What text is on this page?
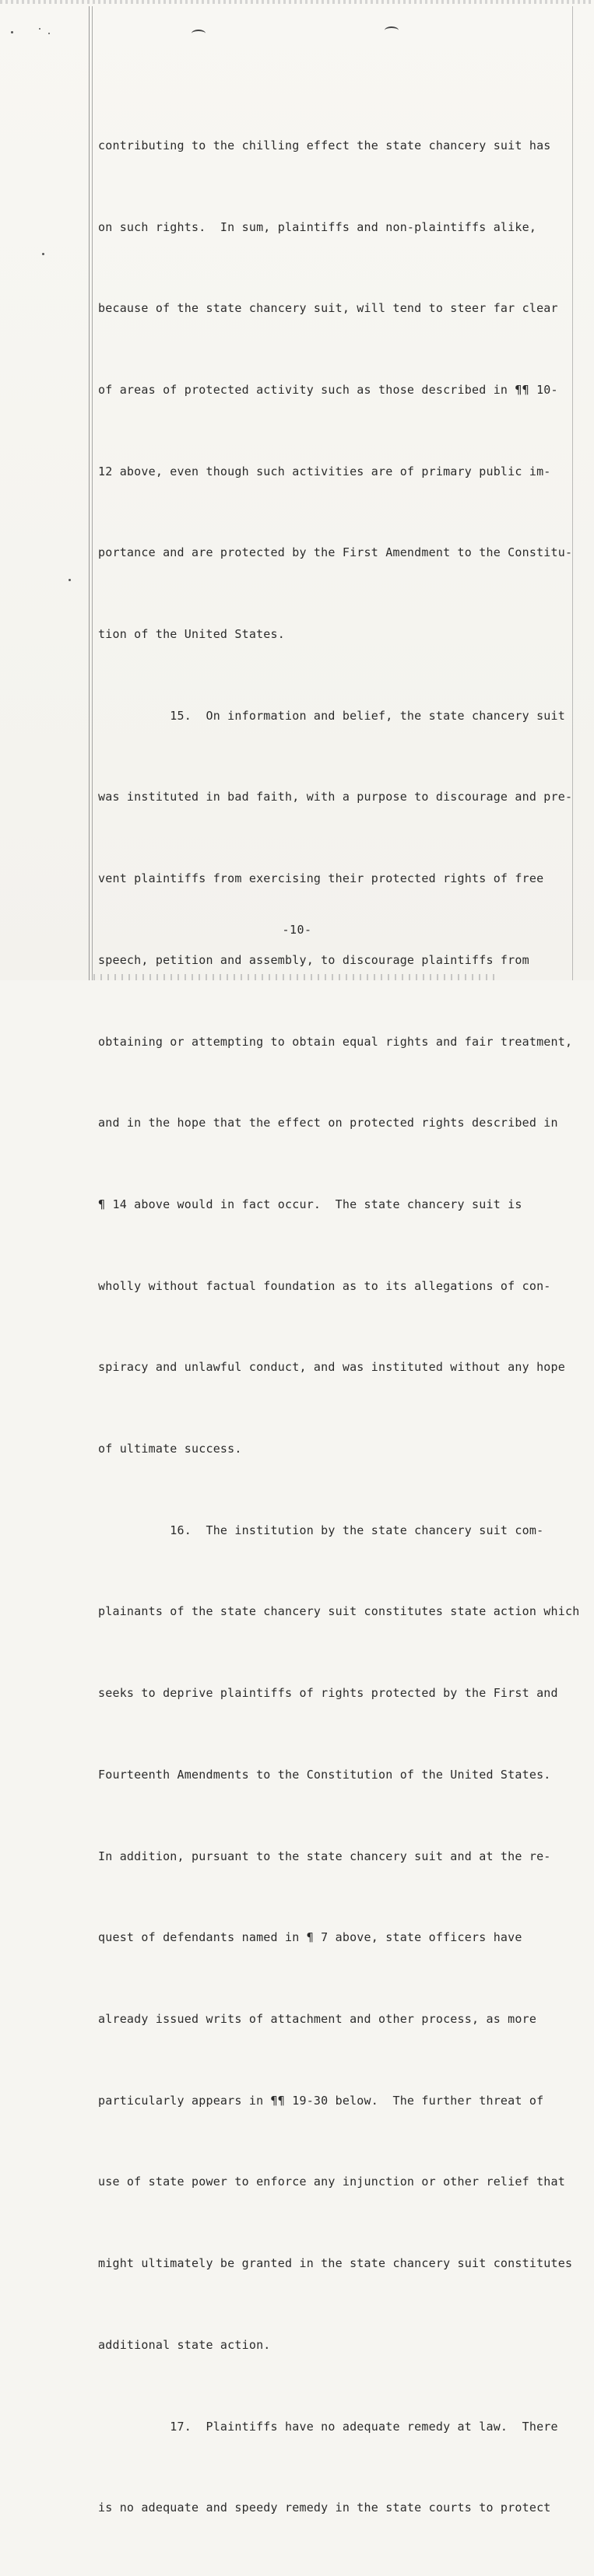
contributing to the chilling effect the state chancery suit has

on such rights.  In sum, plaintiffs and non-plaintiffs alike,

because of the state chancery suit, will tend to steer far clear

of areas of protected activity such as those described in ¶¶ 10-

12 above, even though such activities are of primary public im-

portance and are protected by the First Amendment to the Constitu-

tion of the United States.

15.  On information and belief, the state chancery suit

was instituted in bad faith, with a purpose to discourage and pre-

vent plaintiffs from exercising their protected rights of free

speech, petition and assembly, to discourage plaintiffs from

obtaining or attempting to obtain equal rights and fair treatment,

and in the hope that the effect on protected rights described in

¶ 14 above would in fact occur.  The state chancery suit is

wholly without factual foundation as to its allegations of con-

spiracy and unlawful conduct, and was instituted without any hope

of ultimate success.

16.  The institution by the state chancery suit com-

plainants of the state chancery suit constitutes state action which

seeks to deprive plaintiffs of rights protected by the First and

Fourteenth Amendments to the Constitution of the United States.

In addition, pursuant to the state chancery suit and at the re-

quest of defendants named in ¶ 7 above, state officers have

already issued writs of attachment and other process, as more

particularly appears in ¶¶ 19-30 below.  The further threat of

use of state power to enforce any injunction or other relief that

might ultimately be granted in the state chancery suit constitutes

additional state action.

17.  Plaintiffs have no adequate remedy at law.  There

is no adequate and speedy remedy in the state courts to protect

-10-
